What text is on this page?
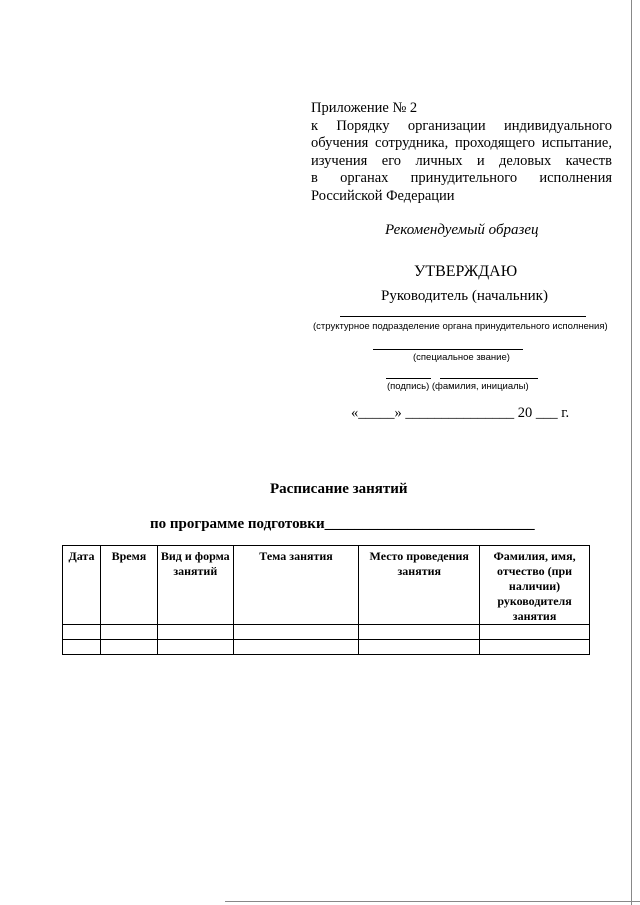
Приложение № 2
к Порядку организации индивидуального
обучения сотрудника, проходящего испытание,
изучения его личных и деловых качеств
в органах принудительного исполнения
Российской Федерации
Рекомендуемый образец
УТВЕРЖДАЮ
Руководитель (начальник)
(структурное подразделение органа принудительного исполнения)
(специальное звание)
(подпись) (фамилия, инициалы)
«_____» _______________ 20 ___ г.
Расписание занятий
по программе подготовки____________________________
Дата	Время	Вид и форма занятий	Тема занятия	Место проведения занятия	Фамилия, имя, отчество (при наличии) руководителя занятия
